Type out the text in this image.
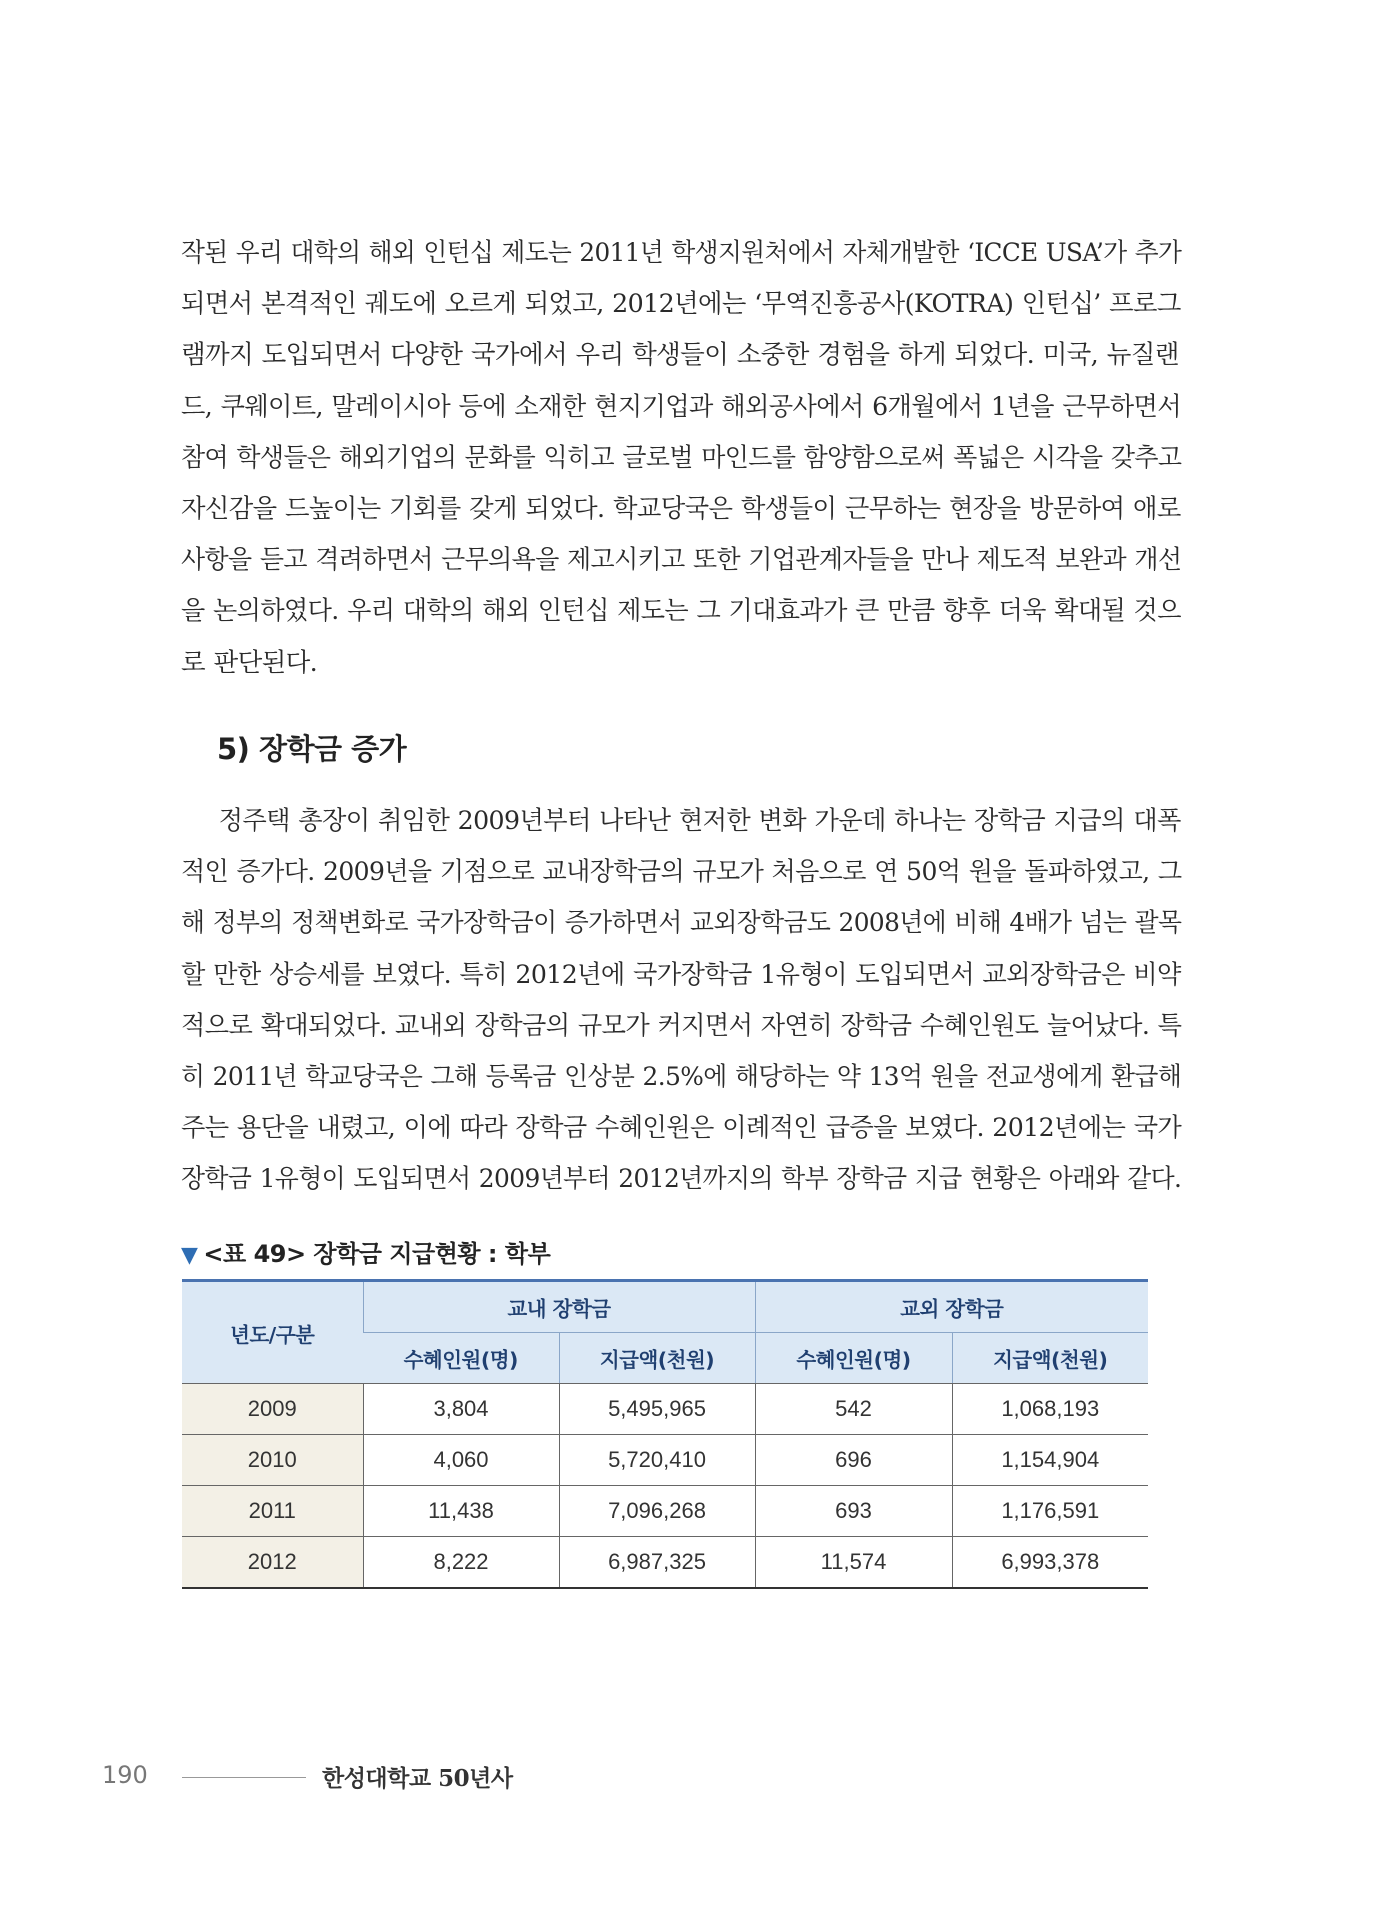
작된 우리 대학의 해외 인턴십 제도는 2011년 학생지원처에서 자체개발한 ‘ICCE USA’가 추가
되면서 본격적인 궤도에 오르게 되었고, 2012년에는 ‘무역진흥공사(KOTRA) 인턴십’ 프로그
램까지 도입되면서 다양한 국가에서 우리 학생들이 소중한 경험을 하게 되었다. 미국, 뉴질랜
드, 쿠웨이트, 말레이시아 등에 소재한 현지기업과 해외공사에서 6개월에서 1년을 근무하면서
참여 학생들은 해외기업의 문화를 익히고 글로벌 마인드를 함양함으로써 폭넓은 시각을 갖추고
자신감을 드높이는 기회를 갖게 되었다. 학교당국은 학생들이 근무하는 현장을 방문하여 애로
사항을 듣고 격려하면서 근무의욕을 제고시키고 또한 기업관계자들을 만나 제도적 보완과 개선
을 논의하였다. 우리 대학의 해외 인턴십 제도는 그 기대효과가 큰 만큼 향후 더욱 확대될 것으
로 판단된다.
5) 장학금 증가
정주택 총장이 취임한 2009년부터 나타난 현저한 변화 가운데 하나는 장학금 지급의 대폭
적인 증가다. 2009년을 기점으로 교내장학금의 규모가 처음으로 연 50억 원을 돌파하였고, 그
해 정부의 정책변화로 국가장학금이 증가하면서 교외장학금도 2008년에 비해 4배가 넘는 괄목
할 만한 상승세를 보였다. 특히 2012년에 국가장학금 1유형이 도입되면서 교외장학금은 비약
적으로 확대되었다. 교내외 장학금의 규모가 커지면서 자연히 장학금 수혜인원도 늘어났다. 특
히 2011년 학교당국은 그해 등록금 인상분 2.5%에 해당하는 약 13억 원을 전교생에게 환급해
주는 용단을 내렸고, 이에 따라 장학금 수혜인원은 이례적인 급증을 보였다. 2012년에는 국가
장학금 1유형이 도입되면서 2009년부터 2012년까지의 학부 장학금 지급 현황은 아래와 같다.
▼ <표 49> 장학금 지급현황 : 학부
년도/구분	교내 장학금		교외 장학금	
	수혜인원(명)	지급액(천원)	수혜인원(명)	지급액(천원)
2009	3,804	5,495,965	542	1,068,193
2010	4,060	5,720,410	696	1,154,904
2011	11,438	7,096,268	693	1,176,591
2012	8,222	6,987,325	11,574	6,993,378
190	한성대학교 50년사
